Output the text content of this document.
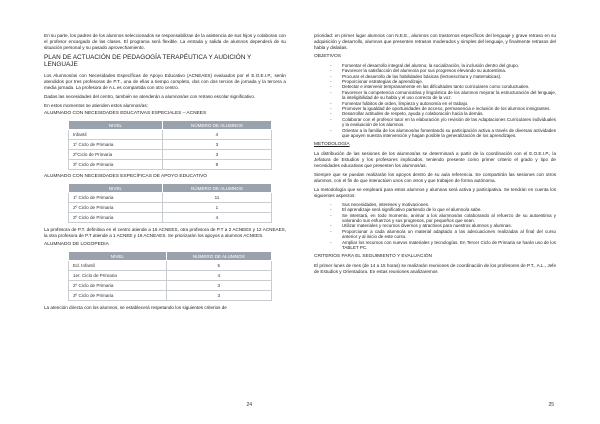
En su parte, los padres de los alumnos seleccionados se responsabilizan de la asistencia de sus hijos y colaboran con el profesor encargado de las clases. El programa será flexible. La entrada y salida de alumnos dependerá de su situación personal y su pasado aprovechamiento.

PLAN DE ACTUACIÓN DE PEDAGOGÍA TERAPÉUTICA Y AUDICIÓN Y LENGUAJE

Los Alumnos/as con Necesidades Específicas de Apoyo Educativo (ACNEAES) evaluados por el E.O.E.I.P., serán atendidos por tres profesoras de P.T., una de ellas a tiempo completo, dos con dos tercios de jornada y la tercera a media jornada. La profesora de A.L es compartida con otro centro.

Dadas las necesidades del centro, también se atenderán a alumnos/as con retraso escolar significativo.

En estos momentos se atienden estos alumnos/as:

ALUMNADO CON NECESIDADES EDUCATIVAS ESPECIALES – ACNEES
NIVEL	NÚMERO DE ALUMNOS
Infantil	4
1º Ciclo de Primaria	3
2ºCiclo de Primaria	3
3º Ciclo de Primaria	8
ALUMNADO CON NECESIDADES ESPECÍFICAS DE APOYO EDUCATIVO
NIVEL	NÚMERO DE ALUMNOS
1º Ciclo de Primaria	11
2º Ciclo de Primaria	1
3º Ciclo de Primaria	4

La profesora de P.T. definitiva en el centro atiende a 15 ACNEES, otra profesora de P.T a 2 ACNEES y 12 ACNEAES, la otra profesora de P.T atiende a 1 ACNEE y 16 ACNEAES. Se priorizarán los apoyos a alumnos ACNEES.

ALUMNADO DE LOGOPEDIA
NIVEL	NÚMERO DE ALUMNOS
Ed. Infantil	5
1er. Ciclo de Primaria	4
2º Ciclo de Primaria	3
3º Ciclo de Primaria	3

La atención directa con los alumnos, se establecerá respetando los siguientes criterios de

24

prioridad: en primer lugar alumnos con N.E.E., alumnos con trastornos específicos del lenguaje y grave retraso en su adquisición y desarrollo, alumnos que presenten retrasos moderados y simples del lenguaje, y finalmente retrasos del habla y dislalias.

OBJETIVOS
- Fomentar el desarrollo integral del alumno, la socialización, la inclusión dentro del grupo.
- Favorecer la satisfacción del alumno/a por sus progresos elevando su autoestima.
- Procurar el desarrollo de las habilidades básicas (lectoescritura y matemáticas).
- Proporcionar estrategias de aprendizaje.
- Detectar e intervenir tempranamente en las dificultades tanto curriculares como conductuales.
- Favorecer la competencia comunicativa y lingüística de los alumnos mejorar la estructuración del lenguaje, la inteligibilidad de su habla y el uso correcto de la voz.
- Fomentar hábitos de orden, limpieza y autonomía en el trabajo.
- Promover la igualdad de oportunidades de acceso, permanencia e inclusión de los alumnos inmigrantes.
- Desarrollar actitudes de respeto, ayuda y colaboración hacia la demás.
- Colaborar con el profesor tutor en la elaboración y/o revisión de las Adaptaciones Curriculares individuales y la evaluación de los alumnos.
- Orientar a la familia de los alumnos/as fomentando su participación activa a través de diversas actividades que apoyen nuestra intervención y hagan posible la generalización de los aprendizajes.
METODOLOGÍA

La distribución de las sesiones de los alumnos/as se determinará a partir de la coordinación con el E.O.E.I.P., la Jefatura de Estudios y los profesores implicados, teniendo presente como primer criterio el grado y tipo de necesidades educativas que presenten los alumnos/as.

Siempre que se puedan realizarán los apoyos dentro de su aula referencia. Se compartirán las sesiones con otros alumnos, con el fin de que interactúen unos con otros y que trabajen de forma autónoma.

La metodología que se empleará para estos alumnos y alumnas será activa y participativa. Se tendrán en cuenta los siguientes aspectos:

- Sus necesidades, intereses y motivaciones.
- El aprendizaje será significativo partiendo de lo que el alumno/a sabe.
- Se intentará, en todo momento, animar a los alumnos/as colaborando al refuerzo de su autoestima y valorando sus esfuerzos y sus progresos, por pequeños que sean.
- Utilizar materiales y recursos diversos y atractivos para nuestros alumnos y alumnas.
- Proporcionar a cada alumno/a un material adaptado a las adecuaciones realizadas al final del curso anterior y al inicio de este curso.
- Ampliar los recursos con nuevos materiales y tecnologías. En Tercer Ciclo de Primaria se harán uso de los TABLET PC.
CRITERIOS PARA EL SEGUIMIENTO Y EVALUACIÓN

El primer lunes de mes (de 14 a 15 horas) se realizarán reuniones de coordinación de los profesores de P.T., A.L., Jefe de Estudios y Orientadora. En estas reuniones analizaremos

25
